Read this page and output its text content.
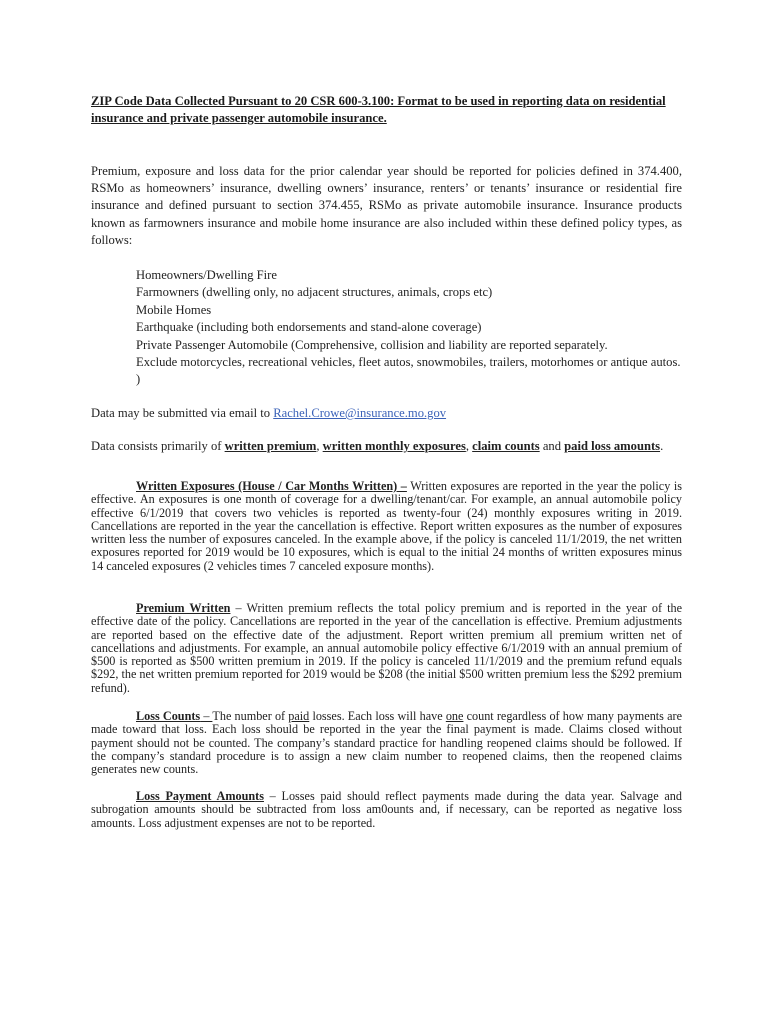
ZIP Code Data Collected Pursuant to 20 CSR 600-3.100: Format to be used in reporting data on residential insurance and private passenger automobile insurance.
Premium, exposure and loss data for the prior calendar year should be reported for policies defined in 374.400, RSMo as homeowners’ insurance, dwelling owners’ insurance, renters’ or tenants’ insurance or residential fire insurance and defined pursuant to section 374.455, RSMo as private automobile insurance. Insurance products known as farmowners insurance and mobile home insurance are also included within these defined policy types, as follows:
Homeowners/Dwelling Fire
Farmowners (dwelling only, no adjacent structures, animals, crops etc)
Mobile Homes
Earthquake (including both endorsements and stand-alone coverage)
Private Passenger Automobile (Comprehensive, collision and liability are reported separately.
Exclude motorcycles, recreational vehicles, fleet autos, snowmobiles, trailers, motorhomes or antique autos. )
Data may be submitted via email to Rachel.Crowe@insurance.mo.gov
Data consists primarily of written premium, written monthly exposures, claim counts and paid loss amounts.
Written Exposures (House / Car Months Written) – Written exposures are reported in the year the policy is effective. An exposures is one month of coverage for a dwelling/tenant/car. For example, an annual automobile policy effective 6/1/2019 that covers two vehicles is reported as twenty-four (24) monthly exposures writing in 2019. Cancellations are reported in the year the cancellation is effective. Report written exposures as the number of exposures written less the number of exposures canceled. In the example above, if the policy is canceled 11/1/2019, the net written exposures reported for 2019 would be 10 exposures, which is equal to the initial 24 months of written exposures minus 14 canceled exposures (2 vehicles times 7 canceled exposure months).
Premium Written – Written premium reflects the total policy premium and is reported in the year of the effective date of the policy. Cancellations are reported in the year of the cancellation is effective. Premium adjustments are reported based on the effective date of the adjustment. Report written premium all premium written net of cancellations and adjustments. For example, an annual automobile policy effective 6/1/2019 with an annual premium of $500 is reported as $500 written premium in 2019. If the policy is canceled 11/1/2019 and the premium refund equals $292, the net written premium reported for 2019 would be $208 (the initial $500 written premium less the $292 premium refund).
Loss Counts – The number of paid losses. Each loss will have one count regardless of how many payments are made toward that loss. Each loss should be reported in the year the final payment is made. Claims closed without payment should not be counted. The company’s standard practice for handling reopened claims should be followed. If the company’s standard procedure is to assign a new claim number to reopened claims, then the reopened claims generates new counts.
Loss Payment Amounts – Losses paid should reflect payments made during the data year. Salvage and subrogation amounts should be subtracted from loss am0ounts and, if necessary, can be reported as negative loss amounts. Loss adjustment expenses are not to be reported.
